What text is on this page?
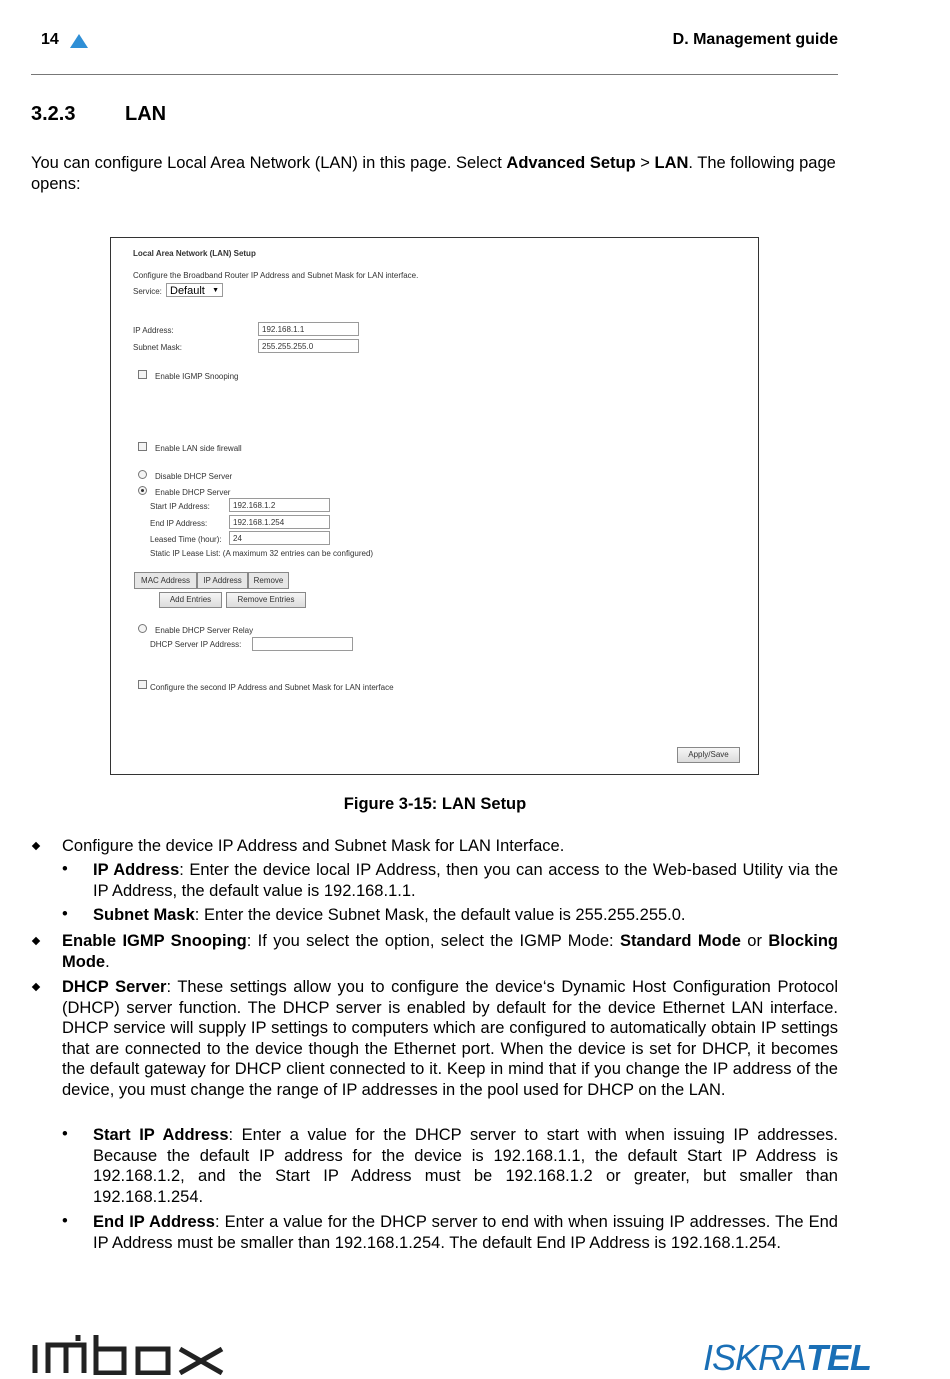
14	D. Management guide
3.2.3 LAN
You can configure Local Area Network (LAN) in this page. Select Advanced Setup > LAN. The following page opens:
Local Area Network (LAN) Setup
Configure the Broadband Router IP Address and Subnet Mask for LAN interface.
Service: Default ▼
IP Address:	192.168.1.1
Subnet Mask:	255.255.255.0
Enable IGMP Snooping
Enable LAN side firewall
Disable DHCP Server
Enable DHCP Server
Start IP Address:	192.168.1.2
End IP Address:	192.168.1.254
Leased Time (hour):	24
Static IP Lease List: (A maximum 32 entries can be configured)
MAC Address	IP Address	Remove
Add Entries	Remove Entries
Enable DHCP Server Relay
DHCP Server IP Address:
Configure the second IP Address and Subnet Mask for LAN interface
Apply/Save
Figure 3-15: LAN Setup
Configure the device IP Address and Subnet Mask for LAN Interface.
• IP Address: Enter the device local IP Address, then you can access to the Web-based Utility via the IP Address, the default value is 192.168.1.1.
• Subnet Mask: Enter the device Subnet Mask, the default value is 255.255.255.0.
Enable IGMP Snooping: If you select the option, select the IGMP Mode: Standard Mode or Blocking Mode.
DHCP Server: These settings allow you to configure the device‘s Dynamic Host Configuration Protocol (DHCP) server function. The DHCP server is enabled by default for the device Ethernet LAN interface. DHCP service will supply IP settings to computers which are configured to automatically obtain IP settings that are connected to the device though the Ethernet port. When the device is set for DHCP, it becomes the default gateway for DHCP client connected to it. Keep in mind that if you change the IP address of the device, you must change the range of IP addresses in the pool used for DHCP on the LAN.
• Start IP Address: Enter a value for the DHCP server to start with when issuing IP addresses. Because the default IP address for the device is 192.168.1.1, the default Start IP Address is 192.168.1.2, and the Start IP Address must be 192.168.1.2 or greater, but smaller than 192.168.1.254.
• End IP Address: Enter a value for the DHCP server to end with when issuing IP addresses. The End IP Address must be smaller than 192.168.1.254. The default End IP Address is 192.168.1.254.
ISKRATEL
